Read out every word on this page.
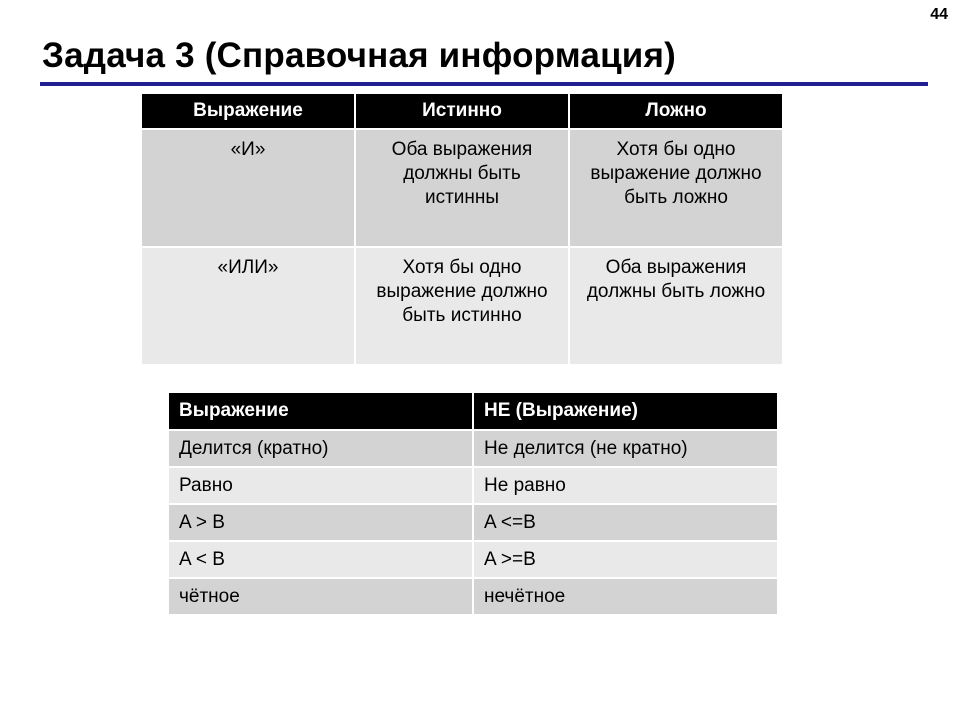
44
Задача 3 (Справочная информация)
Выражение	Истинно	Ложно
«И»	Оба выражения должны быть истинны	Хотя бы одно выражение должно быть ложно
«ИЛИ»	Хотя бы одно выражение должно быть истинно	Оба выражения должны быть ложно
Выражение	НЕ (Выражение)
Делится (кратно)	Не делится (не кратно)
Равно	Не равно
A > B	A <=B
A < B	A >=B
чётное	нечётное
